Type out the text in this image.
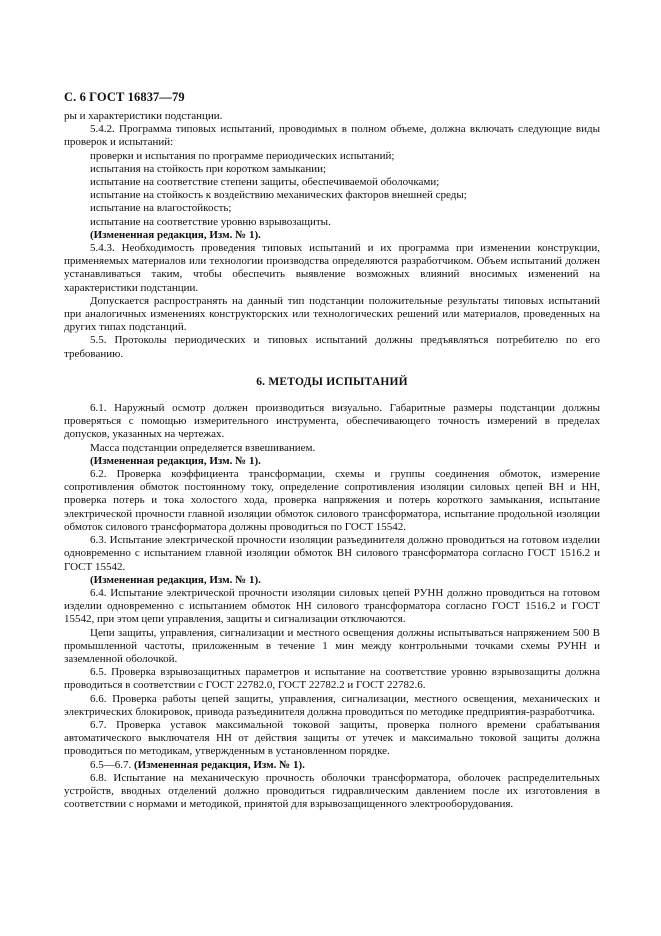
С. 6 ГОСТ 16837—79

ры и характеристики подстанции.

5.4.2. Программа типовых испытаний, проводимых в полном объеме, должна включать следующие виды проверок и испытаний:

проверки и испытания по программе периодических испытаний;

испытания на стойкость при коротком замыкании;

испытание на соответствие степени защиты, обеспечиваемой оболочками;

испытание на стойкость к воздействию механических факторов внешней среды;

испытание на влагостойкость;

испытание на соответствие уровню взрывозащиты.

(Измененная редакция, Изм. № 1).

5.4.3. Необходимость проведения типовых испытаний и их программа при изменении конструкции, применяемых материалов или технологии производства определяются разработчиком. Объем испытаний должен устанавливаться таким, чтобы обеспечить выявление возможных влияний вносимых изменений на характеристики подстанции.

Допускается распространять на данный тип подстанции положительные результаты типовых испытаний при аналогичных изменениях конструкторских или технологических решений или материалов, проведенных на других типах подстанций.

5.5. Протоколы периодических и типовых испытаний должны предъявляться потребителю по его требованию.

6. МЕТОДЫ ИСПЫТАНИЙ

6.1. Наружный осмотр должен производиться визуально. Габаритные размеры подстанции должны проверяться с помощью измерительного инструмента, обеспечивающего точность измерений в пределах допусков, указанных на чертежах.

Масса подстанции определяется взвешиванием.

(Измененная редакция, Изм. № 1).

6.2. Проверка коэффициента трансформации, схемы и группы соединения обмоток, измерение сопротивления обмоток постоянному току, определение сопротивления изоляции силовых цепей ВН и НН, проверка потерь и тока холостого хода, проверка напряжения и потерь короткого замыкания, испытание электрической прочности главной изоляции обмоток силового трансформатора, испытание продольной изоляции обмоток силового трансформатора должны проводиться по ГОСТ 15542.

6.3. Испытание электрической прочности изоляции разъединителя должно проводиться на готовом изделии одновременно с испытанием главной изоляции обмоток ВН силового трансформатора согласно ГОСТ 1516.2 и ГОСТ 15542.

(Измененная редакция, Изм. № 1).

6.4. Испытание электрической прочности изоляции силовых цепей РУНН должно проводиться на готовом изделии одновременно с испытанием обмоток НН силового трансформатора согласно ГОСТ 1516.2 и ГОСТ 15542, при этом цепи управления, защиты и сигнализации отключаются.

Цепи защиты, управления, сигнализации и местного освещения должны испытываться напряжением 500 В промышленной частоты, приложенным в течение 1 мин между контрольными точками схемы РУНН и заземленной оболочкой.

6.5. Проверка взрывозащитных параметров и испытание на соответствие уровню взрывозащиты должна проводиться в соответствии с ГОСТ 22782.0, ГОСТ 22782.2 и ГОСТ 22782.6.

6.6. Проверка работы цепей защиты, управления, сигнализации, местного освещения, механических и электрических блокировок, привода разъединителя должна проводиться по методике предприятия-разработчика.

6.7. Проверка уставок максимальной токовой защиты, проверка полного времени срабатывания автоматического выключателя НН от действия защиты от утечек и максимально токовой защиты должна проводиться по методикам, утвержденным в установленном порядке.

6.5—6.7. (Измененная редакция, Изм. № 1).

6.8. Испытание на механическую прочность оболочки трансформатора, оболочек распределительных устройств, вводных отделений должно проводиться гидравлическим давлением после их изготовления в соответствии с нормами и методикой, принятой для взрывозащищенного электрооборудования.
